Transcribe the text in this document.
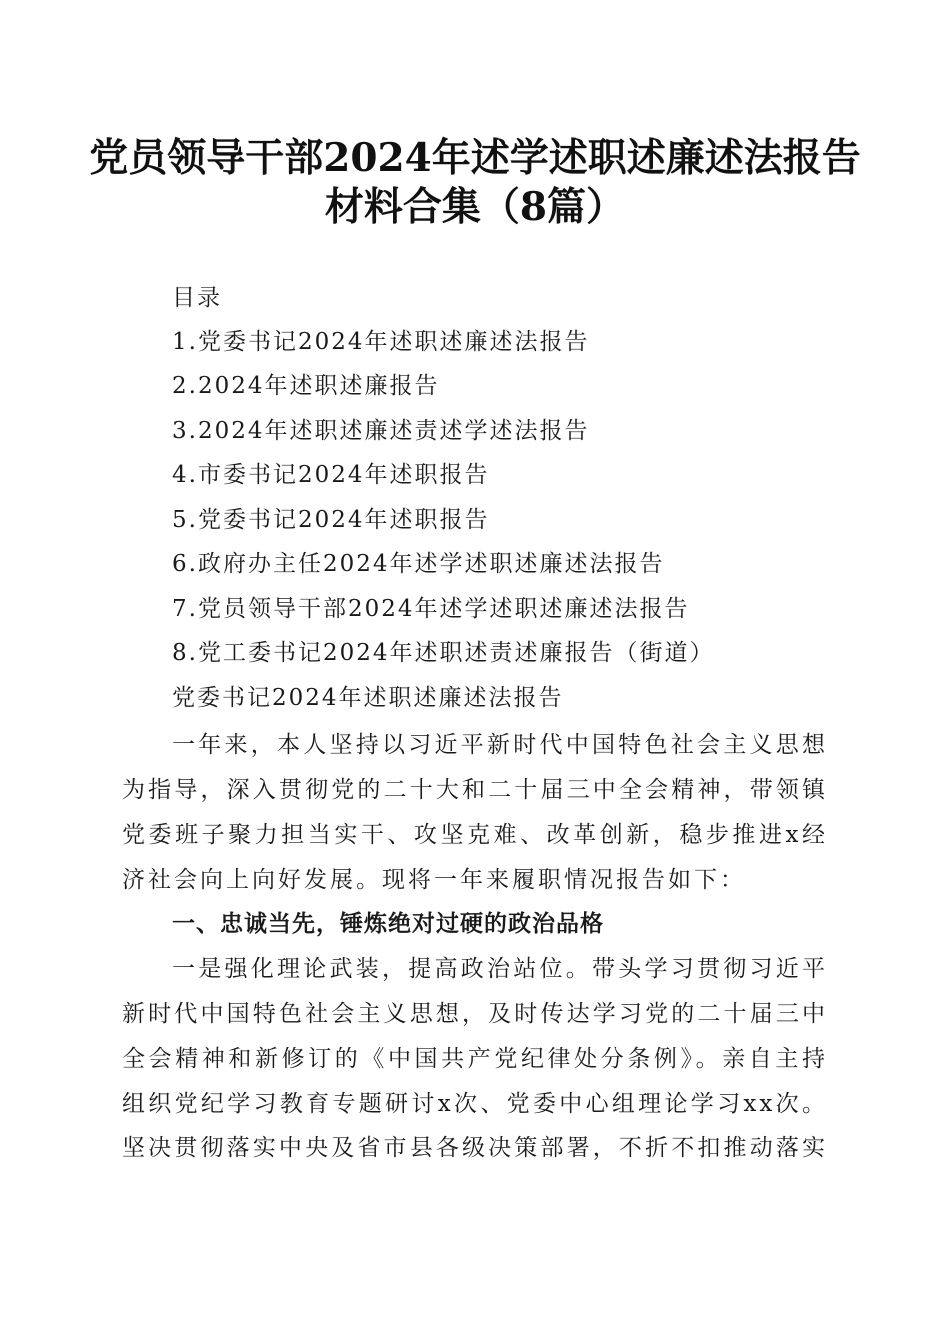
党员领导干部2024年述学述职述廉述法报告
材料合集（8篇）
目录
1.党委书记2024年述职述廉述法报告
2.2024年述职述廉报告
3.2024年述职述廉述责述学述法报告
4.市委书记2024年述职报告
5.党委书记2024年述职报告
6.政府办主任2024年述学述职述廉述法报告
7.党员领导干部2024年述学述职述廉述法报告
8.党工委书记2024年述职述责述廉报告（街道）
党委书记2024年述职述廉述法报告
一年来，本人坚持以习近平新时代中国特色社会主义思想
为指导，深入贯彻党的二十大和二十届三中全会精神，带领镇
党委班子聚力担当实干、攻坚克难、改革创新，稳步推进x经
济社会向上向好发展。现将一年来履职情况报告如下：
一、忠诚当先，锤炼绝对过硬的政治品格
一是强化理论武装，提高政治站位。带头学习贯彻习近平
新时代中国特色社会主义思想，及时传达学习党的二十届三中
全会精神和新修订的《中国共产党纪律处分条例》。亲自主持
组织党纪学习教育专题研讨x次、党委中心组理论学习xx次。
坚决贯彻落实中央及省市县各级决策部署，不折不扣推动落实
